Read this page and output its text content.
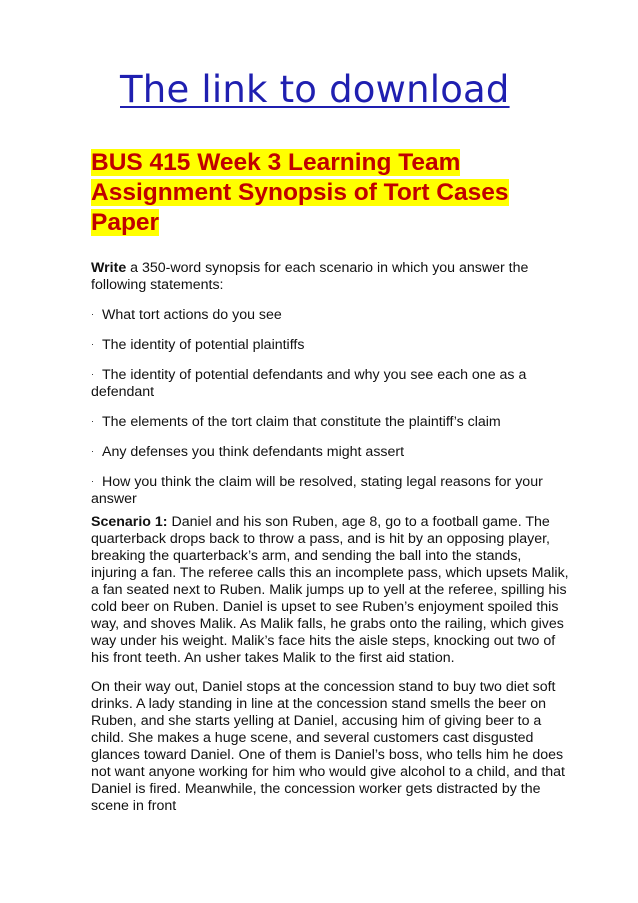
The link to download
BUS 415 Week 3 Learning Team
Assignment Synopsis of Tort Cases
Paper

Write a 350-word synopsis for each scenario in which you answer the following statements:

· What tort actions do you see

· The identity of potential plaintiffs

· The identity of potential defendants and why you see each one as a defendant

· The elements of the tort claim that constitute the plaintiff’s claim

· Any defenses you think defendants might assert

· How you think the claim will be resolved, stating legal reasons for your answer

Scenario 1: Daniel and his son Ruben, age 8, go to a football game. The quarterback drops back to throw a pass, and is hit by an opposing player, breaking the quarterback’s arm, and sending the ball into the stands, injuring a fan. The referee calls this an incomplete pass, which upsets Malik, a fan seated next to Ruben. Malik jumps up to yell at the referee, spilling his cold beer on Ruben. Daniel is upset to see Ruben’s enjoyment spoiled this way, and shoves Malik. As Malik falls, he grabs onto the railing, which gives way under his weight. Malik’s face hits the aisle steps, knocking out two of his front teeth. An usher takes Malik to the first aid station.

On their way out, Daniel stops at the concession stand to buy two diet soft drinks. A lady standing in line at the concession stand smells the beer on Ruben, and she starts yelling at Daniel, accusing him of giving beer to a child. She makes a huge scene, and several customers cast disgusted glances toward Daniel. One of them is Daniel’s boss, who tells him he does not want anyone working for him who would give alcohol to a child, and that Daniel is fired. Meanwhile, the concession worker gets distracted by the scene in front
